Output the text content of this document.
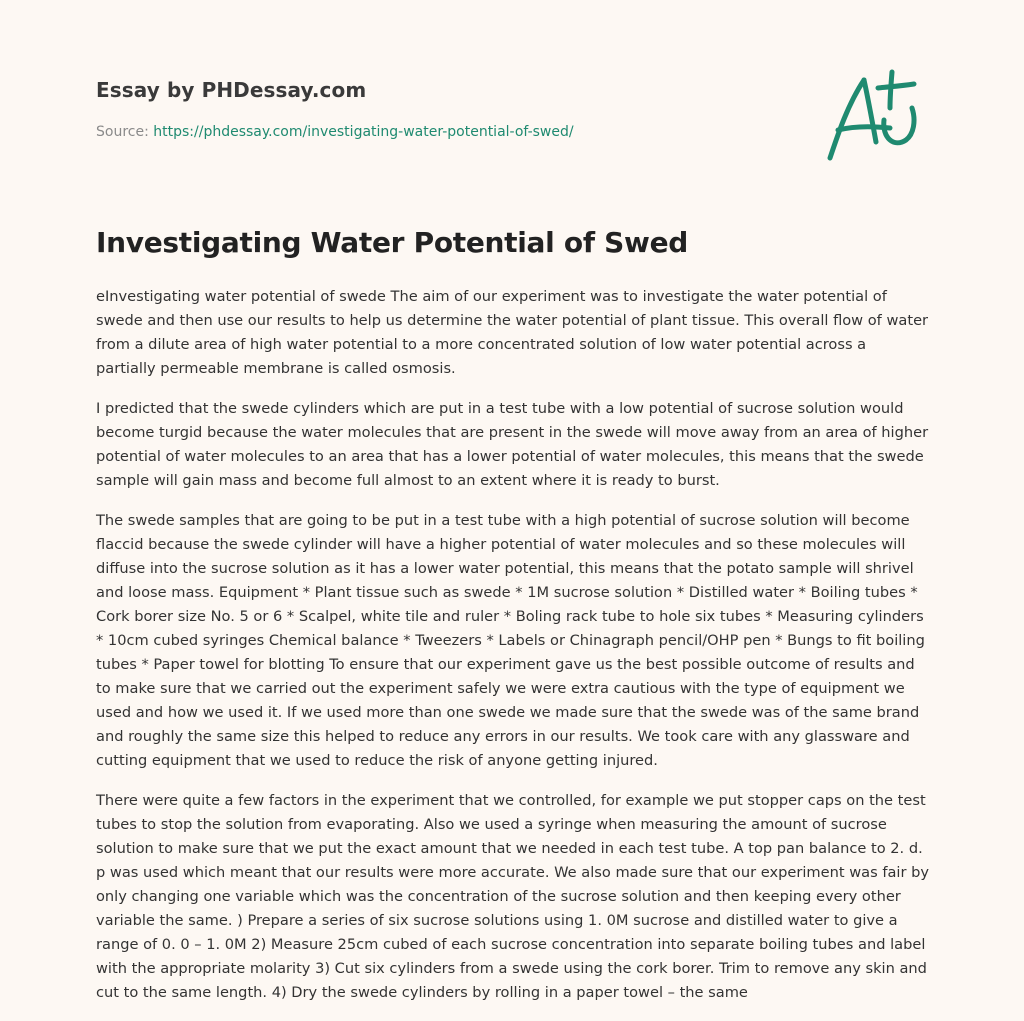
Essay by PHDessay.com
Source: https://phdessay.com/investigating-water-potential-of-swed/
Investigating Water Potential of Swed

eInvestigating water potential of swede The aim of our experiment was to investigate the water potential of swede and then use our results to help us determine the water potential of plant tissue. This overall flow of water from a dilute area of high water potential to a more concentrated solution of low water potential across a partially permeable membrane is called osmosis.

I predicted that the swede cylinders which are put in a test tube with a low potential of sucrose solution would become turgid because the water molecules that are present in the swede will move away from an area of higher potential of water molecules to an area that has a lower potential of water molecules, this means that the swede sample will gain mass and become full almost to an extent where it is ready to burst.

The swede samples that are going to be put in a test tube with a high potential of sucrose solution will become flaccid because the swede cylinder will have a higher potential of water molecules and so these molecules will diffuse into the sucrose solution as it has a lower water potential, this means that the potato sample will shrivel and loose mass. Equipment * Plant tissue such as swede * 1M sucrose solution * Distilled water * Boiling tubes * Cork borer size No. 5 or 6 * Scalpel, white tile and ruler * Boling rack tube to hole six tubes * Measuring cylinders * 10cm cubed syringes Chemical balance * Tweezers * Labels or Chinagraph pencil/OHP pen * Bungs to fit boiling tubes * Paper towel for blotting To ensure that our experiment gave us the best possible outcome of results and to make sure that we carried out the experiment safely we were extra cautious with the type of equipment we used and how we used it. If we used more than one swede we made sure that the swede was of the same brand and roughly the same size this helped to reduce any errors in our results. We took care with any glassware and cutting equipment that we used to reduce the risk of anyone getting injured.

There were quite a few factors in the experiment that we controlled, for example we put stopper caps on the test tubes to stop the solution from evaporating. Also we used a syringe when measuring the amount of sucrose solution to make sure that we put the exact amount that we needed in each test tube. A top pan balance to 2. d. p was used which meant that our results were more accurate. We also made sure that our experiment was fair by only changing one variable which was the concentration of the sucrose solution and then keeping every other variable the same. ) Prepare a series of six sucrose solutions using 1. 0M sucrose and distilled water to give a range of 0. 0 – 1. 0M 2) Measure 25cm cubed of each sucrose concentration into separate boiling tubes and label with the appropriate molarity 3) Cut six cylinders from a swede using the cork borer. Trim to remove any skin and cut to the same length. 4) Dry the swede cylinders by rolling in a paper towel – the same
